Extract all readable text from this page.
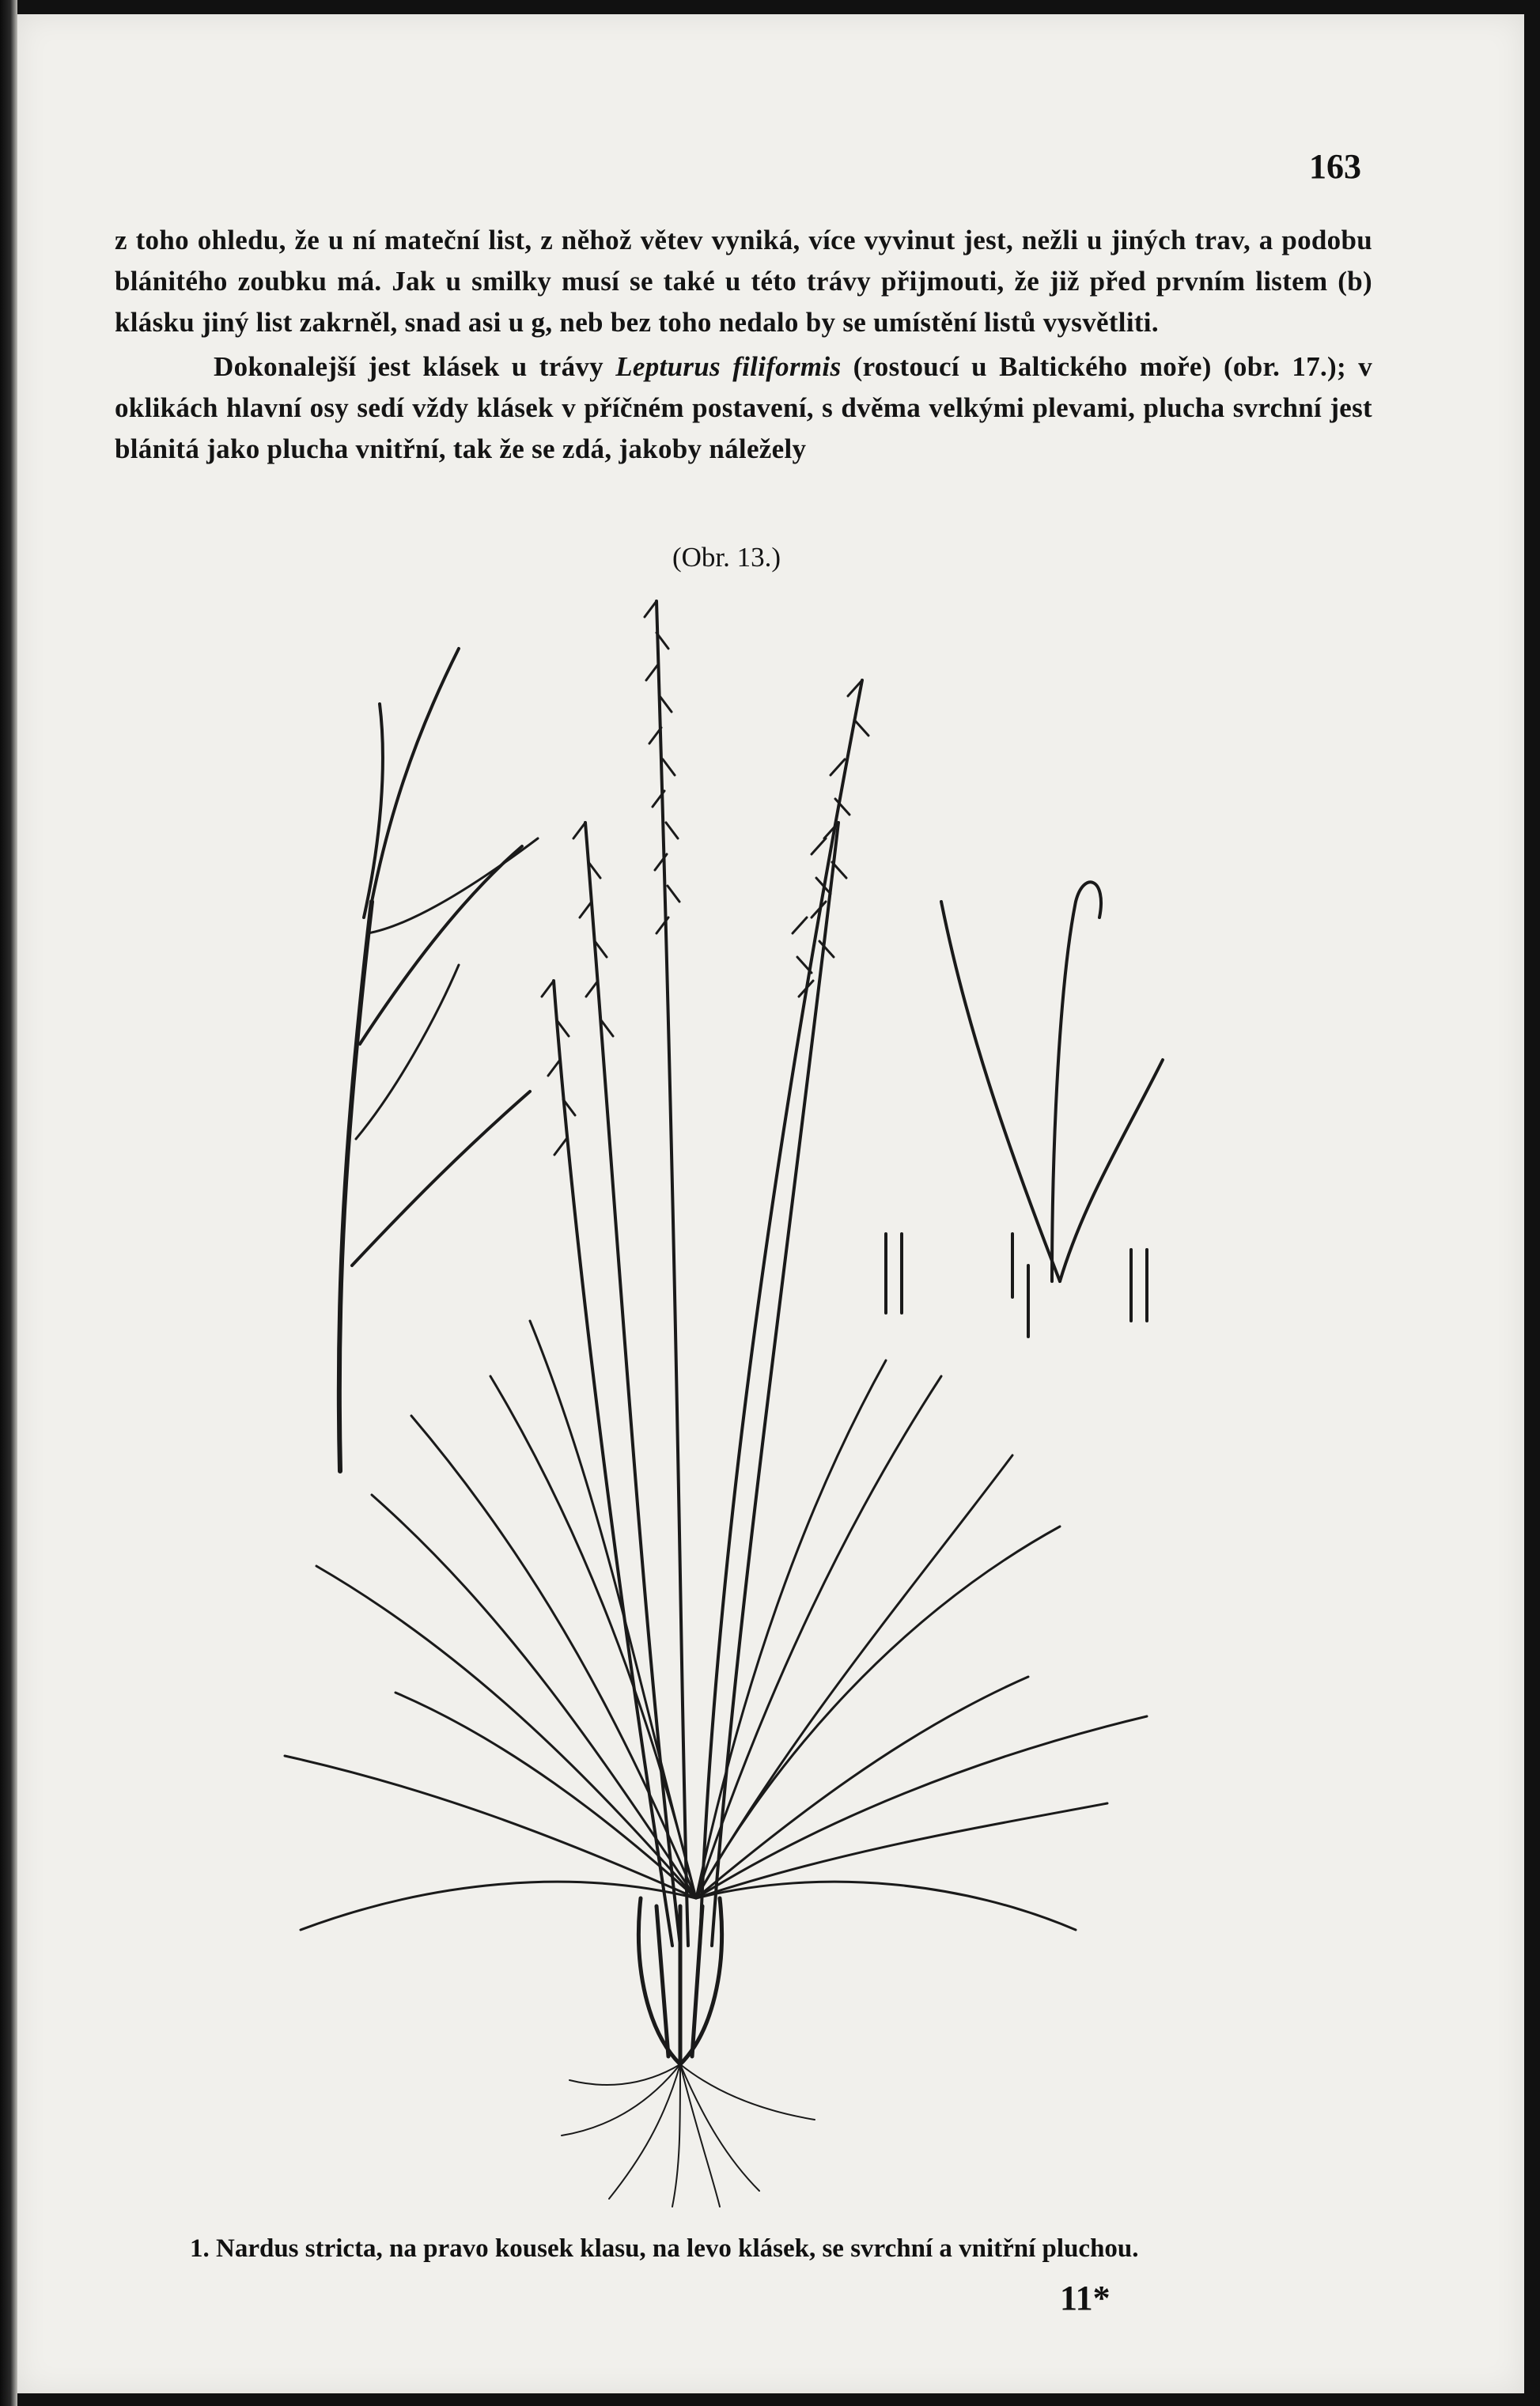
163

z toho ohledu, že u ní mateční list, z něhož větev vyniká, více vyvinut jest, nežli u jiných trav, a podobu blánitého zoubku má. Jak u smilky musí se také u této trávy přijmouti, že již před prvním listem (b) klásku jiný list zakrněl, snad asi u g, neb bez toho nedalo by se umístění listů vysvětliti.

Dokonalejší jest klásek u trávy Lepturus filiformis (rostoucí u Baltického moře) (obr. 17.); v oklikách hlavní osy sedí vždy klásek v příčném postavení, s dvěma velkými plevami, plucha svrchní jest blánitá jako plucha vnitřní, tak že se zdá, jakoby náležely

(Obr. 13.)
1. Nardus stricta, na pravo kousek klasu, na levo klásek, se svrchní a vnitřní pluchou.
11*
